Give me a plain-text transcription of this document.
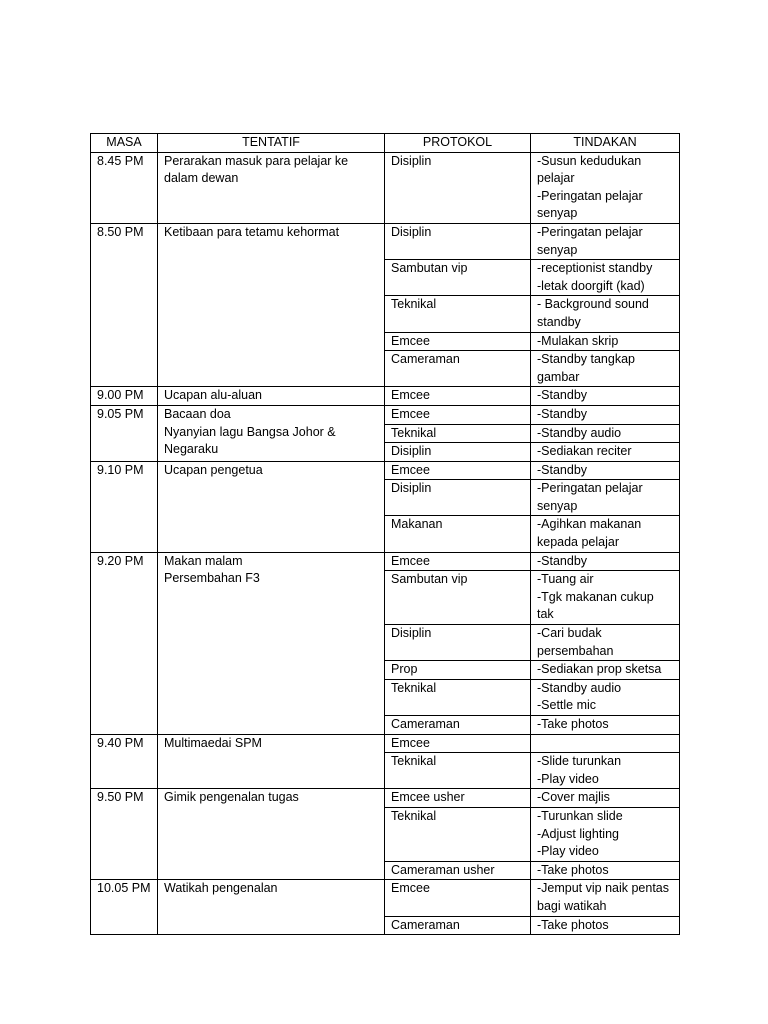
MASA	TENTATIF	PROTOKOL	TINDAKAN
8.45 PM	Perarakan masuk para pelajar ke
dalam dewan	Disiplin	-Susun kedudukan
pelajar
-Peringatan pelajar
senyap

8.50 PM	Ketibaan para tetamu kehormat	Disiplin	-Peringatan pelajar
senyap

		Sambutan vip	-receptionist standby
-letak doorgift (kad)

		Teknikal	- Background sound
standby

		Emcee	-Mulakan skrip

		Cameraman	-Standby tangkap
gambar

9.00 PM	Ucapan alu-aluan	Emcee	-Standby

9.05 PM	Bacaan doa
Nyanyian lagu Bangsa Johor &
Negaraku	Emcee	-Standby

		Teknikal	-Standby audio

		Disiplin	-Sediakan reciter

9.10 PM	Ucapan pengetua	Emcee	-Standby

		Disiplin	-Peringatan pelajar
senyap

		Makanan	-Agihkan makanan
kepada pelajar

9.20 PM	Makan malam
Persembahan F3	Emcee	-Standby

		Sambutan vip	-Tuang air
-Tgk makanan cukup
tak

		Disiplin	-Cari budak
persembahan

		Prop	-Sediakan prop sketsa

		Teknikal	-Standby audio
-Settle mic

		Cameraman	-Take photos

9.40 PM	Multimaedai SPM	Emcee	
		Teknikal	-Slide turunkan
-Play video

9.50 PM	Gimik pengenalan tugas	Emcee usher	-Cover majlis

		Teknikal	-Turunkan slide
-Adjust lighting
-Play video

		Cameraman usher	-Take photos

10.05 PM	Watikah pengenalan	Emcee	-Jemput vip naik pentas
bagi watikah

		Cameraman	-Take photos
